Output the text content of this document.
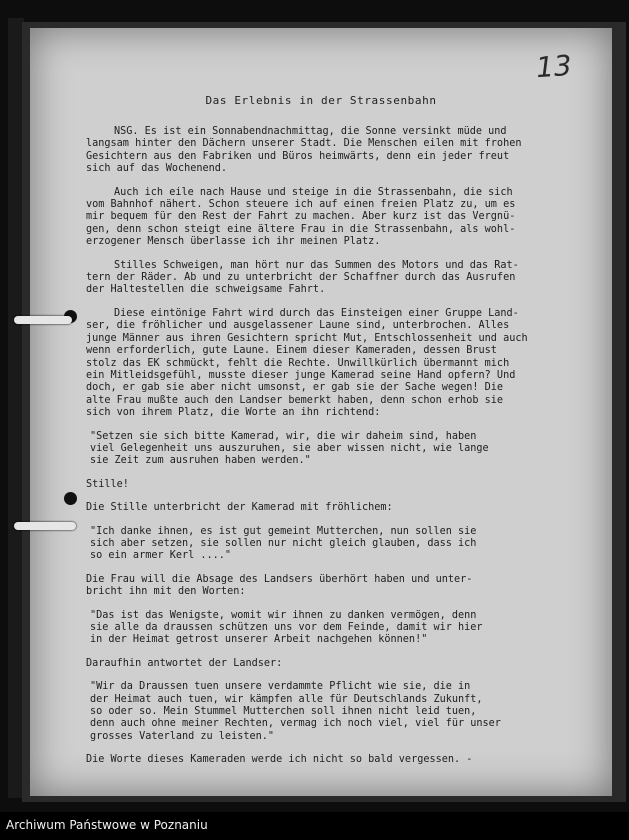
13
Das Erlebnis in der Strassenbahn

NSG. Es ist ein Sonnabendnachmittag, die Sonne versinkt müde und
langsam hinter den Dächern unserer Stadt. Die Menschen eilen mit frohen
Gesichtern aus den Fabriken und Büros heimwärts, denn ein jeder freut
sich auf das Wochenend.

Auch ich eile nach Hause und steige in die Strassenbahn, die sich
vom Bahnhof nähert. Schon steuere ich auf einen freien Platz zu, um es
mir bequem für den Rest der Fahrt zu machen. Aber kurz ist das Vergnü-
gen, denn schon steigt eine ältere Frau in die Strassenbahn, als wohl-
erzogener Mensch überlasse ich ihr meinen Platz.

Stilles Schweigen, man hört nur das Summen des Motors und das Rat-
tern der Räder. Ab und zu unterbricht der Schaffner durch das Ausrufen
der Haltestellen die schweigsame Fahrt.

Diese eintönige Fahrt wird durch das Einsteigen einer Gruppe Land-
ser, die fröhlicher und ausgelassener Laune sind, unterbrochen. Alles
junge Männer aus ihren Gesichtern spricht Mut, Entschlossenheit und auch
wenn erforderlich, gute Laune. Einem dieser Kameraden, dessen Brust
stolz das EK schmückt, fehlt die Rechte. Unwillkürlich übermannt mich
ein Mitleidsgefühl, musste dieser junge Kamerad seine Hand opfern? Und
doch, er gab sie aber nicht umsonst, er gab sie der Sache wegen! Die
alte Frau mußte auch den Landser bemerkt haben, denn schon erhob sie
sich von ihrem Platz, die Worte an ihn richtend:

"Setzen sie sich bitte Kamerad, wir, die wir daheim sind, haben
viel Gelegenheit uns auszuruhen, sie aber wissen nicht, wie lange
sie Zeit zum ausruhen haben werden."

Stille!

Die Stille unterbricht der Kamerad mit fröhlichem:

"Ich danke ihnen, es ist gut gemeint Mutterchen, nun sollen sie
sich aber setzen, sie sollen nur nicht gleich glauben, dass ich
so ein armer Kerl ...."

Die Frau will die Absage des Landsers überhört haben und unter-
bricht ihn mit den Worten:

"Das ist das Wenigste, womit wir ihnen zu danken vermögen, denn
sie alle da draussen schützen uns vor dem Feinde, damit wir hier
in der Heimat getrost unserer Arbeit nachgehen können!"

Daraufhin antwortet der Landser:

"Wir da Draussen tuen unsere verdammte Pflicht wie sie, die in
der Heimat auch tuen, wir kämpfen alle für Deutschlands Zukunft,
so oder so. Mein Stummel Mutterchen soll ihnen nicht leid tuen,
denn auch ohne meiner Rechten, vermag ich noch viel, viel für unser
grosses Vaterland zu leisten."

Die Worte dieses Kameraden werde ich nicht so bald vergessen. -

Archiwum Państwowe w Poznaniu
